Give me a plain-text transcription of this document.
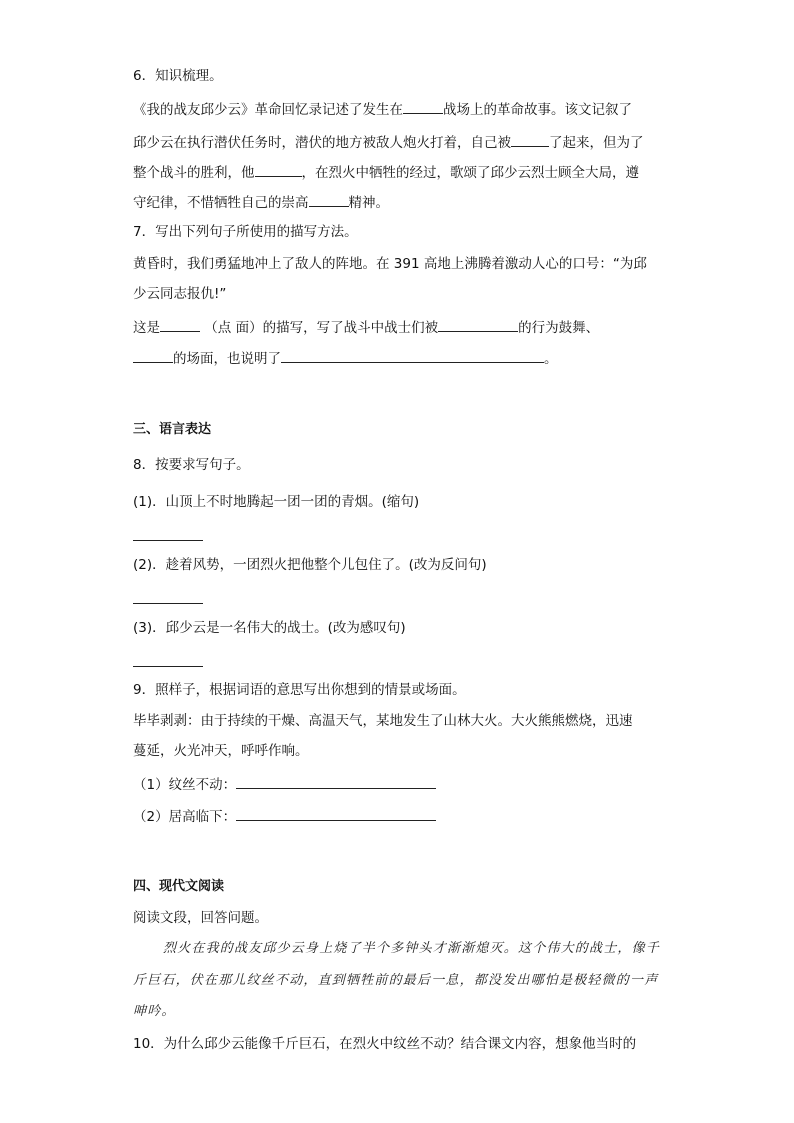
6．知识梳理。
《我的战友邱少云》革命回忆录记述了发生在	战场上的革命故事。该文记叙了
邱少云在执行潜伏任务时，潜伏的地方被敌人炮火打着，自己被	了起来，但为了
整个战斗的胜利，他	，在烈火中牺牲的经过，歌颂了邱少云烈士顾全大局，遵
守纪律，不惜牺牲自己的崇高	精神。
7．写出下列句子所使用的描写方法。
黄昏时，我们勇猛地冲上了敌人的阵地。在 391 高地上沸腾着激动人心的口号：“为邱
少云同志报仇!”
这是	（点 面）的描写，写了战斗中战士们被	的行为鼓舞、
的场面，也说明了	。
三、语言表达
8．按要求写句子。
(1)．山顶上不时地腾起一团一团的青烟。(缩句)
(2)．趁着风势，一团烈火把他整个儿包住了。(改为反问句)
(3)．邱少云是一名伟大的战士。(改为感叹句)
9．照样子，根据词语的意思写出你想到的情景或场面。
毕毕剥剥：由于持续的干燥、高温天气，某地发生了山林大火。大火熊熊燃烧，迅速
蔓延，火光冲天，呼呼作响。
（1）纹丝不动：
（2）居高临下：
四、现代文阅读
阅读文段，回答问题。
烈火在我的战友邱少云身上烧了半个多钟头才渐渐熄灭。这个伟大的战士，像千
斤巨石，伏在那儿纹丝不动，直到牺牲前的最后一息，都没发出哪怕是极轻微的一声
呻吟。
10．为什么邱少云能像千斤巨石，在烈火中纹丝不动？结合课文内容，想象他当时的
